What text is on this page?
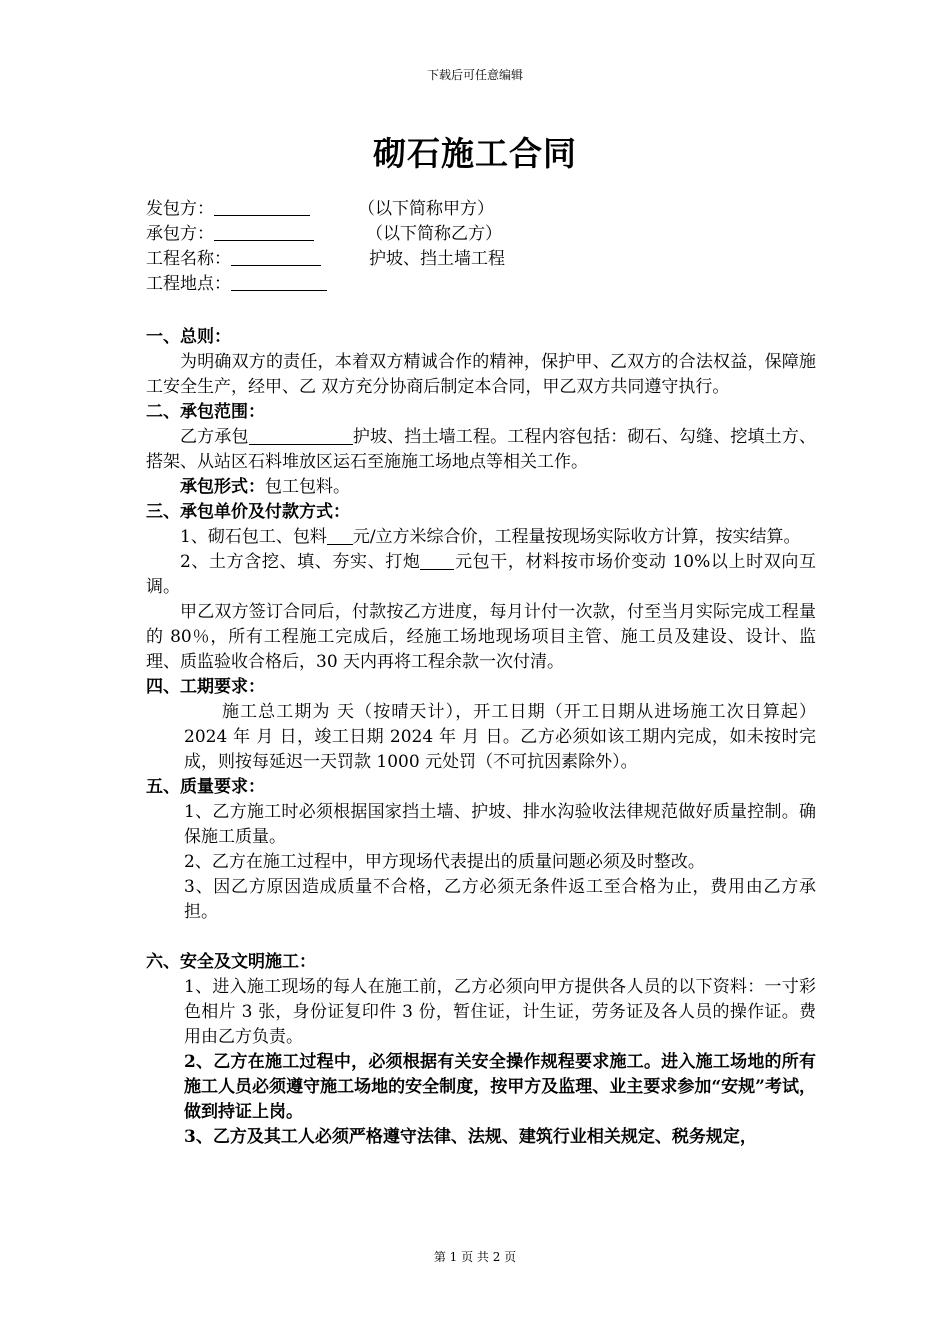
下载后可任意编辑
砌石施工合同
发包方：	（以下简称甲方）
承包方：	（以下简称乙方）
工程名称：	护坡、挡土墙工程
工程地点：
一、总则：

为明确双方的责任，本着双方精诚合作的精神，保护甲、乙双方的合法权益，保障施工安全生产，经甲、乙 双方充分协商后制定本合同，甲乙双方共同遵守执行。

二、承包范围：

乙方承包	护坡、挡土墙工程。工程内容包括：砌石、勾缝、挖填土方、搭架、从站区石料堆放区运石至施施工场地点等相关工作。

承包形式：包工包料。

三、承包单价及付款方式：

1、砌石包工、包料 元/立方米综合价，工程量按现场实际收方计算，按实结算。

2、土方含挖、填、夯实、打炮 元包干，材料按市场价变动 10%以上时双向互调。

甲乙双方签订合同后，付款按乙方进度，每月计付一次款，付至当月实际完成工程量的 80％，所有工程施工完成后，经施工场地现场项目主管、施工员及建设、设计、监理、质监验收合格后，30 天内再将工程余款一次付清。

四、工期要求：

施工总工期为 天（按晴天计），开工日期（开工日期从进场施工次日算起）2024 年 月 日，竣工日期 2024 年 月 日。乙方必须如该工期内完成，如未按时完成，则按每延迟一天罚款 1000 元处罚（不可抗因素除外）。

五、质量要求：

1、乙方施工时必须根据国家挡土墙、护坡、排水沟验收法律规范做好质量控制。确保施工质量。

2、乙方在施工过程中，甲方现场代表提出的质量问题必须及时整改。

3、因乙方原因造成质量不合格，乙方必须无条件返工至合格为止，费用由乙方承担。

六、安全及文明施工：

1、进入施工现场的每人在施工前，乙方必须向甲方提供各人员的以下资料：一寸彩色相片 3 张，身份证复印件 3 份，暂住证，计生证，劳务证及各人员的操作证。费用由乙方负责。

2、乙方在施工过程中，必须根据有关安全操作规程要求施工。进入施工场地的所有施工人员必须遵守施工场地的安全制度，按甲方及监理、业主要求参加“安规”考试，做到持证上岗。

3、乙方及其工人必须严格遵守法律、法规、建筑行业相关规定、税务规定，

第 1 页 共 2 页
